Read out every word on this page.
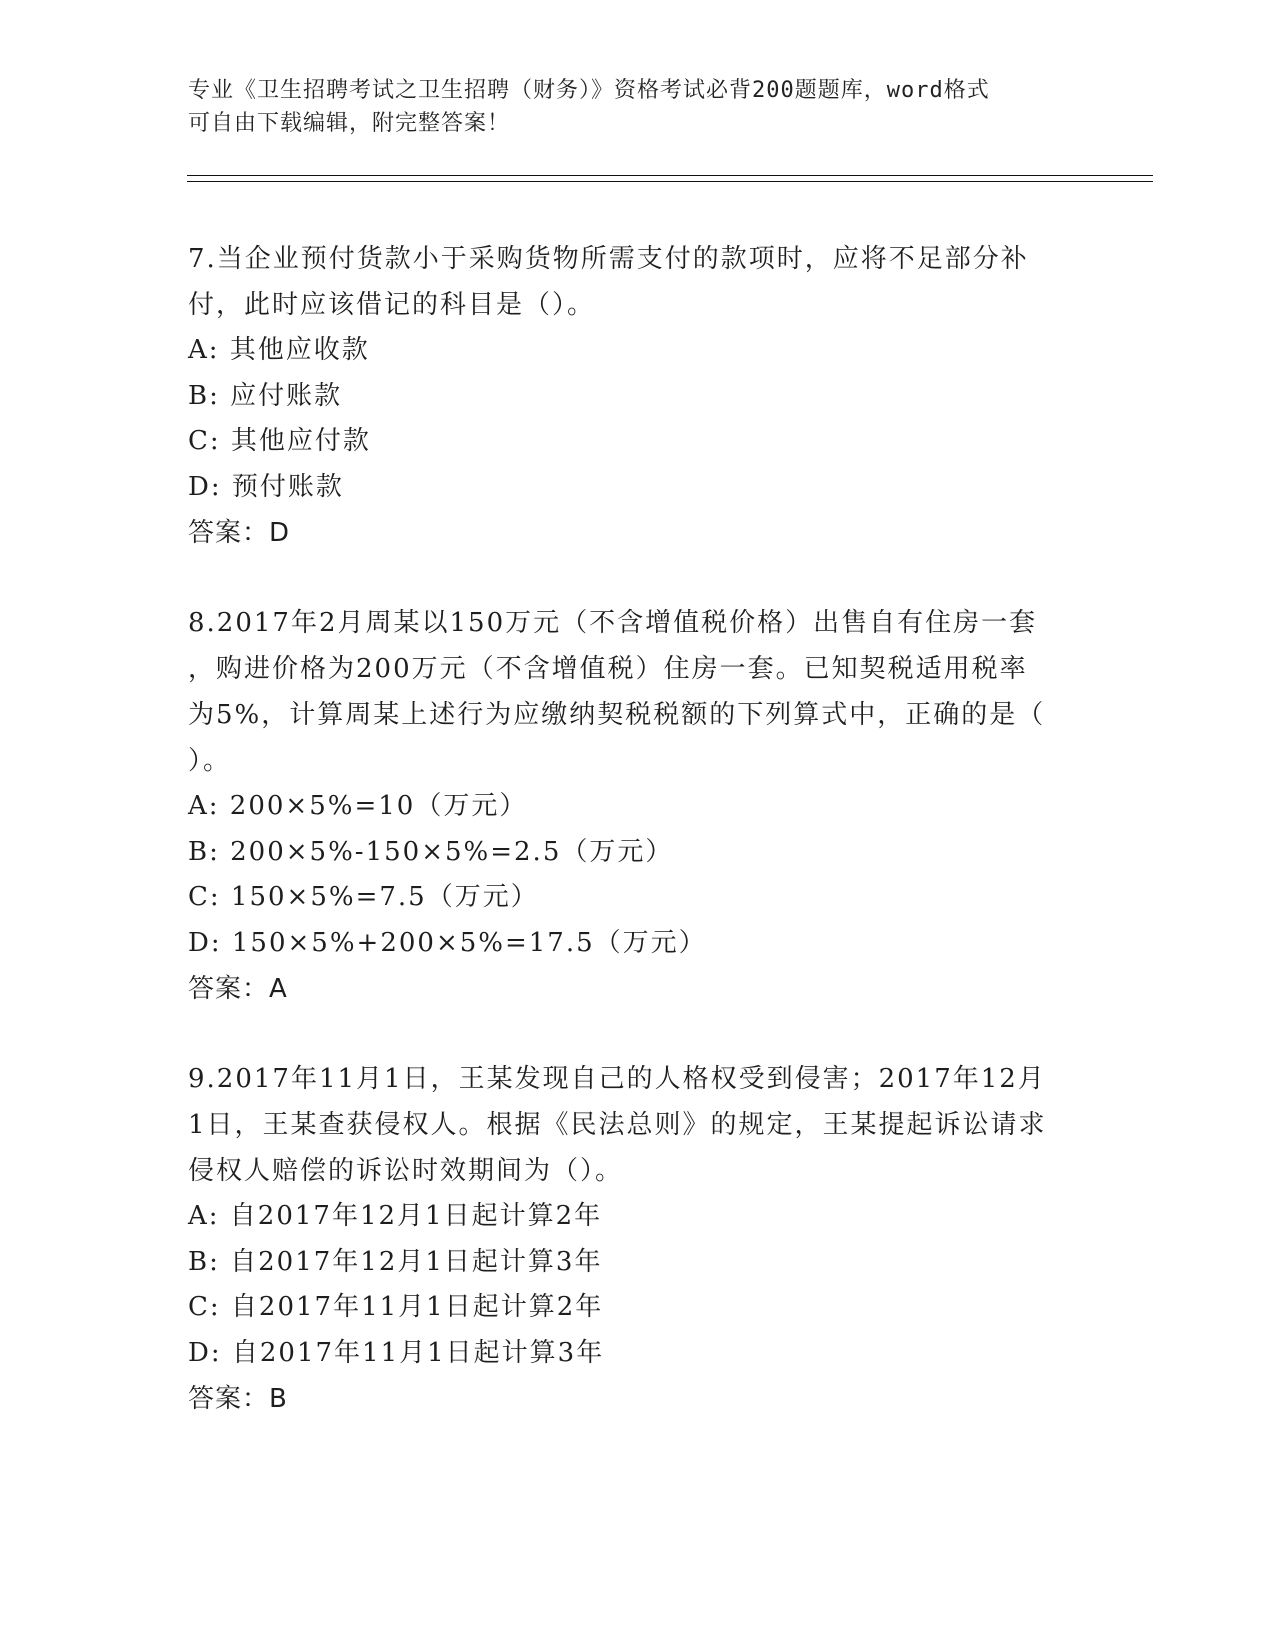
专业《卫生招聘考试之卫生招聘（财务）》资格考试必背200题题库，word格式
可自由下载编辑，附完整答案！
7.当企业预付货款小于采购货物所需支付的款项时，应将不足部分补
付，此时应该借记的科目是（）。
A: 其他应收款
B: 应付账款
C: 其他应付款
D: 预付账款
答案：D
8.2017年2月周某以150万元（不含增值税价格）出售自有住房一套
，购进价格为200万元（不含增值税）住房一套。已知契税适用税率
为5%，计算周某上述行为应缴纳契税税额的下列算式中，正确的是（
）。
A: 200×5%=10（万元）
B: 200×5%-150×5%=2.5（万元）
C: 150×5%=7.5（万元）
D: 150×5%+200×5%=17.5（万元）
答案：A
9.2017年11月1日，王某发现自己的人格权受到侵害；2017年12月
1日，王某查获侵权人。根据《民法总则》的规定，王某提起诉讼请求
侵权人赔偿的诉讼时效期间为（）。
A: 自2017年12月1日起计算2年
B: 自2017年12月1日起计算3年
C: 自2017年11月1日起计算2年
D: 自2017年11月1日起计算3年
答案：B
